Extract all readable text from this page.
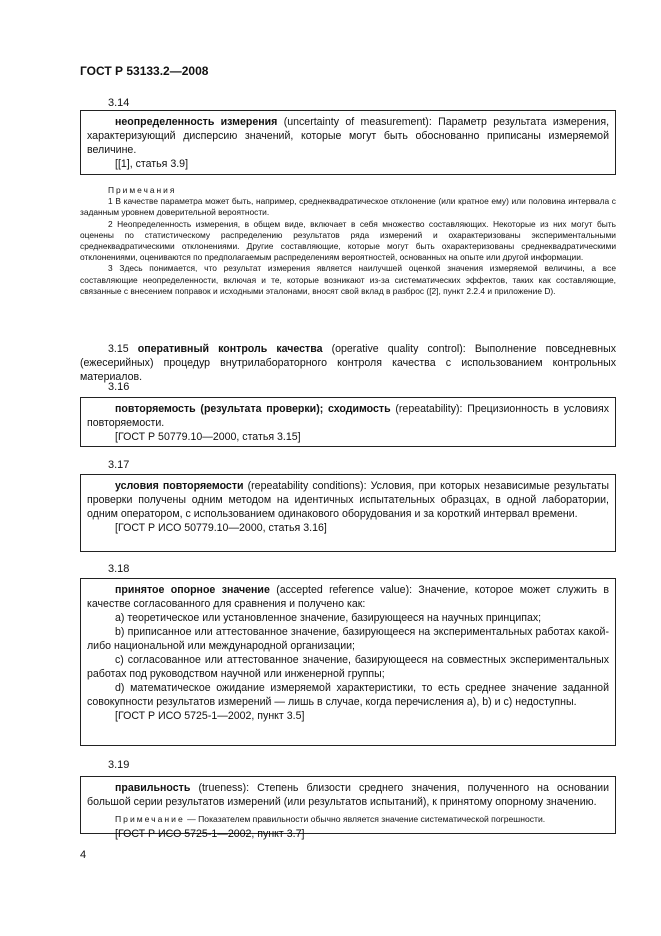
ГОСТ Р 53133.2—2008
3.14

неопределенность измерения (uncertainty of measurement): Параметр результата измерения, характеризующий дисперсию значений, которые могут быть обоснованно приписаны измеряемой величине.

[[1], статья 3.9]

Примечания

1 В качестве параметра может быть, например, среднеквадратическое отклонение (или кратное ему) или половина интервала с заданным уровнем доверительной вероятности.

2 Неопределенность измерения, в общем виде, включает в себя множество составляющих. Некоторые из них могут быть оценены по статистическому распределению результатов ряда измерений и охарактеризованы экспериментальными среднеквадратическими отклонениями. Другие составляющие, которые могут быть охарактеризованы среднеквадратическими отклонениями, оцениваются по предполагаемым распределениям вероятностей, основанных на опыте или другой информации.

3 Здесь понимается, что результат измерения является наилучшей оценкой значения измеряемой величины, а все составляющие неопределенности, включая и те, которые возникают из-за систематических эффектов, таких как составляющие, связанные с внесением поправок и исходными эталонами, вносят свой вклад в разброс ([2], пункт 2.2.4 и приложение D).

3.15 оперативный контроль качества (operative quality control): Выполнение повседневных (ежесерийных) процедур внутрилабораторного контроля качества с использованием контрольных материалов.

3.16

повторяемость (результата проверки); сходимость (repeatability): Прецизионность в условиях повторяемости.

[ГОСТ Р 50779.10—2000, статья 3.15]
3.17

условия повторяемости (repeatability conditions): Условия, при которых независимые результаты проверки получены одним методом на идентичных испытательных образцах, в одной лаборатории, одним оператором, с использованием одинакового оборудования и за короткий интервал времени.

[ГОСТ Р ИСО 50779.10—2000, статья 3.16]
3.18

принятое опорное значение (accepted reference value): Значение, которое может служить в качестве согласованного для сравнения и получено как:

a) теоретическое или установленное значение, базирующееся на научных принципах;

b) приписанное или аттестованное значение, базирующееся на экспериментальных работах какой-либо национальной или международной организации;

c) согласованное или аттестованное значение, базирующееся на совместных экспериментальных работах под руководством научной или инженерной группы;

d) математическое ожидание измеряемой характеристики, то есть среднее значение заданной совокупности результатов измерений — лишь в случае, когда перечисления a), b) и c) недоступны.

[ГОСТ Р ИСО 5725-1—2002, пункт 3.5]
3.19

правильность (trueness): Степень близости среднего значения, полученного на основании большой серии результатов измерений (или результатов испытаний), к принятому опорному значению.

Примечание — Показателем правильности обычно является значение систематической погрешности.

[ГОСТ Р ИСО 5725-1—2002, пункт 3.7]
4
